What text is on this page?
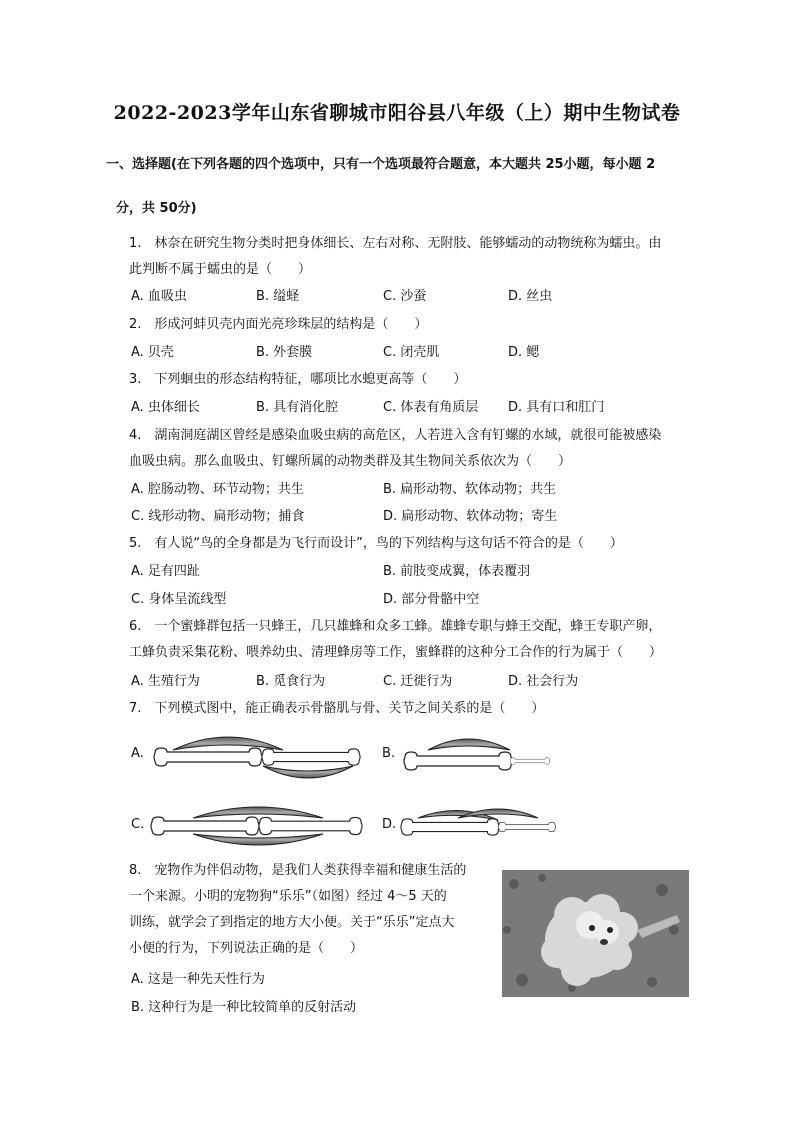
2022-2023学年山东省聊城市阳谷县八年级（上）期中生物试卷
一、选择题(在下列各题的四个选项中，只有一个选项最符合题意，本大题共 25小题，每小题 2
分，共 50分)
1.　林奈在研究生物分类时把身体细长、左右对称、无附肢、能够蠕动的动物统称为蠕虫。由
此判断不属于蠕虫的是（　　）
A. 血吸虫	B. 缢蛏	C. 沙蚕	D. 丝虫
2.　形成河蚌贝壳内面光亮珍珠层的结构是（　　）
A. 贝壳	B. 外套膜	C. 闭壳肌	D. 鳃
3.　下列蛔虫的形态结构特征，哪项比水螅更高等（　　）
A. 虫体细长	B. 具有消化腔	C. 体表有角质层 D. 具有口和肛门
4.　湖南洞庭湖区曾经是感染血吸虫病的高危区，人若进入含有钉螺的水域，就很可能被感染
血吸虫病。那么血吸虫、钉螺所属的动物类群及其生物间关系依次为（　　）
A. 腔肠动物、环节动物；共生	B. 扁形动物、软体动物；共生
C. 线形动物、扁形动物；捕食	D. 扁形动物、软体动物；寄生
5.　有人说“鸟的全身都是为飞行而设计”，鸟的下列结构与这句话不符合的是（　　）
A. 足有四趾	B. 前肢变成翼，体表覆羽
C. 身体呈流线型	D. 部分骨骼中空
6.　一个蜜蜂群包括一只蜂王，几只雄蜂和众多工蜂。雄蜂专职与蜂王交配，蜂王专职产卵，
工蜂负责采集花粉、喂养幼虫、清理蜂房等工作，蜜蜂群的这种分工合作的行为属于（　　）
A. 生殖行为	B. 觅食行为	C. 迁徙行为	D. 社会行为
7.　下列模式图中，能正确表示骨骼肌与骨、关节之间关系的是（　　）
A.	B.
C.	D.
8.　宠物作为伴侣动物，是我们人类获得幸福和健康生活的
一个来源。小明的宠物狗“乐乐”（如图）经过 4～5 天的
训练，就学会了到指定的地方大小便。关于“乐乐”定点大
小便的行为，下列说法正确的是（　　）
A. 这是一种先天性行为
B. 这种行为是一种比较简单的反射活动
